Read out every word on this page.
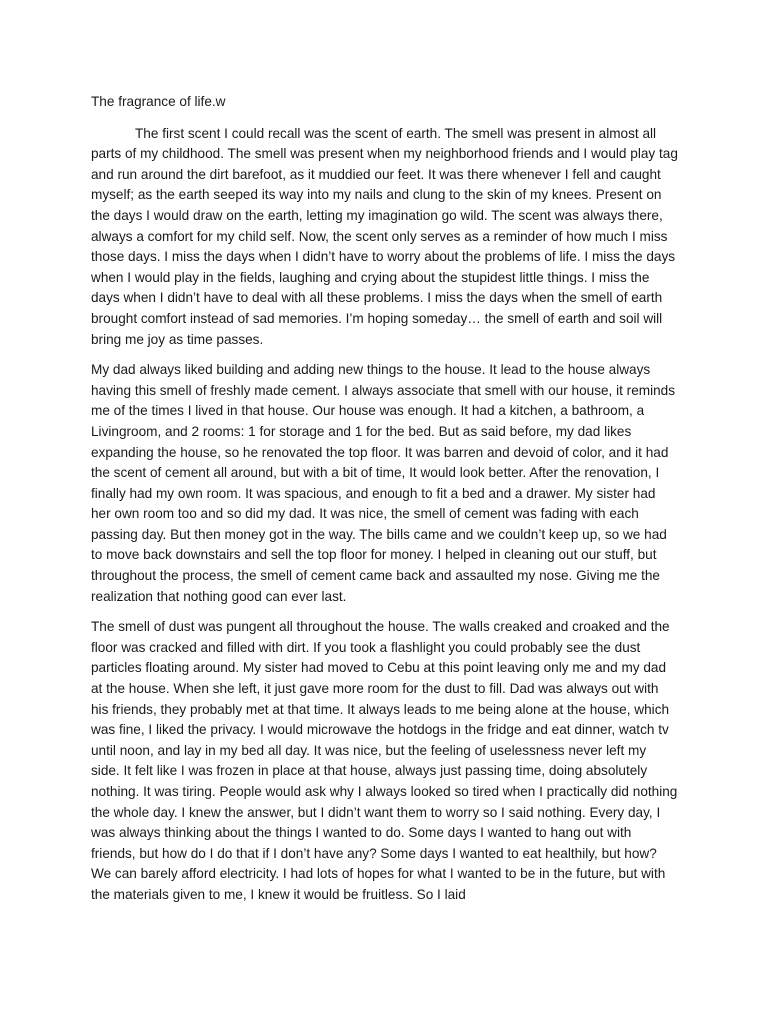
The fragrance of life.w

The first scent I could recall was the scent of earth. The smell was present in almost all parts of my childhood. The smell was present when my neighborhood friends and I would play tag and run around the dirt barefoot, as it muddied our feet. It was there whenever I fell and caught myself; as the earth seeped its way into my nails and clung to the skin of my knees. Present on the days I would draw on the earth, letting my imagination go wild. The scent was always there, always a comfort for my child self. Now, the scent only serves as a reminder of how much I miss those days. I miss the days when I didn’t have to worry about the problems of life. I miss the days when I would play in the fields, laughing and crying about the stupidest little things. I miss the days when I didn’t have to deal with all these problems. I miss the days when the smell of earth brought comfort instead of sad memories. I’m hoping someday… the smell of earth and soil will bring me joy as time passes.

My dad always liked building and adding new things to the house. It lead to the house always having this smell of freshly made cement. I always associate that smell with our house, it reminds me of the times I lived in that house. Our house was enough. It had a kitchen, a bathroom, a Livingroom, and 2 rooms: 1 for storage and 1 for the bed. But as said before, my dad likes expanding the house, so he renovated the top floor. It was barren and devoid of color, and it had the scent of cement all around, but with a bit of time, It would look better. After the renovation, I finally had my own room. It was spacious, and enough to fit a bed and a drawer. My sister had her own room too and so did my dad. It was nice, the smell of cement was fading with each passing day. But then money got in the way. The bills came and we couldn’t keep up, so we had to move back downstairs and sell the top floor for money. I helped in cleaning out our stuff, but throughout the process, the smell of cement came back and assaulted my nose. Giving me the realization that nothing good can ever last.

The smell of dust was pungent all throughout the house. The walls creaked and croaked and the floor was cracked and filled with dirt. If you took a flashlight you could probably see the dust particles floating around. My sister had moved to Cebu at this point leaving only me and my dad at the house. When she left, it just gave more room for the dust to fill. Dad was always out with his friends, they probably met at that time. It always leads to me being alone at the house, which was fine, I liked the privacy. I would microwave the hotdogs in the fridge and eat dinner, watch tv until noon, and lay in my bed all day. It was nice, but the feeling of uselessness never left my side. It felt like I was frozen in place at that house, always just passing time, doing absolutely nothing. It was tiring. People would ask why I always looked so tired when I practically did nothing the whole day. I knew the answer, but I didn’t want them to worry so I said nothing. Every day, I was always thinking about the things I wanted to do. Some days I wanted to hang out with friends, but how do I do that if I don’t have any? Some days I wanted to eat healthily, but how? We can barely afford electricity. I had lots of hopes for what I wanted to be in the future, but with the materials given to me, I knew it would be fruitless. So I laid
